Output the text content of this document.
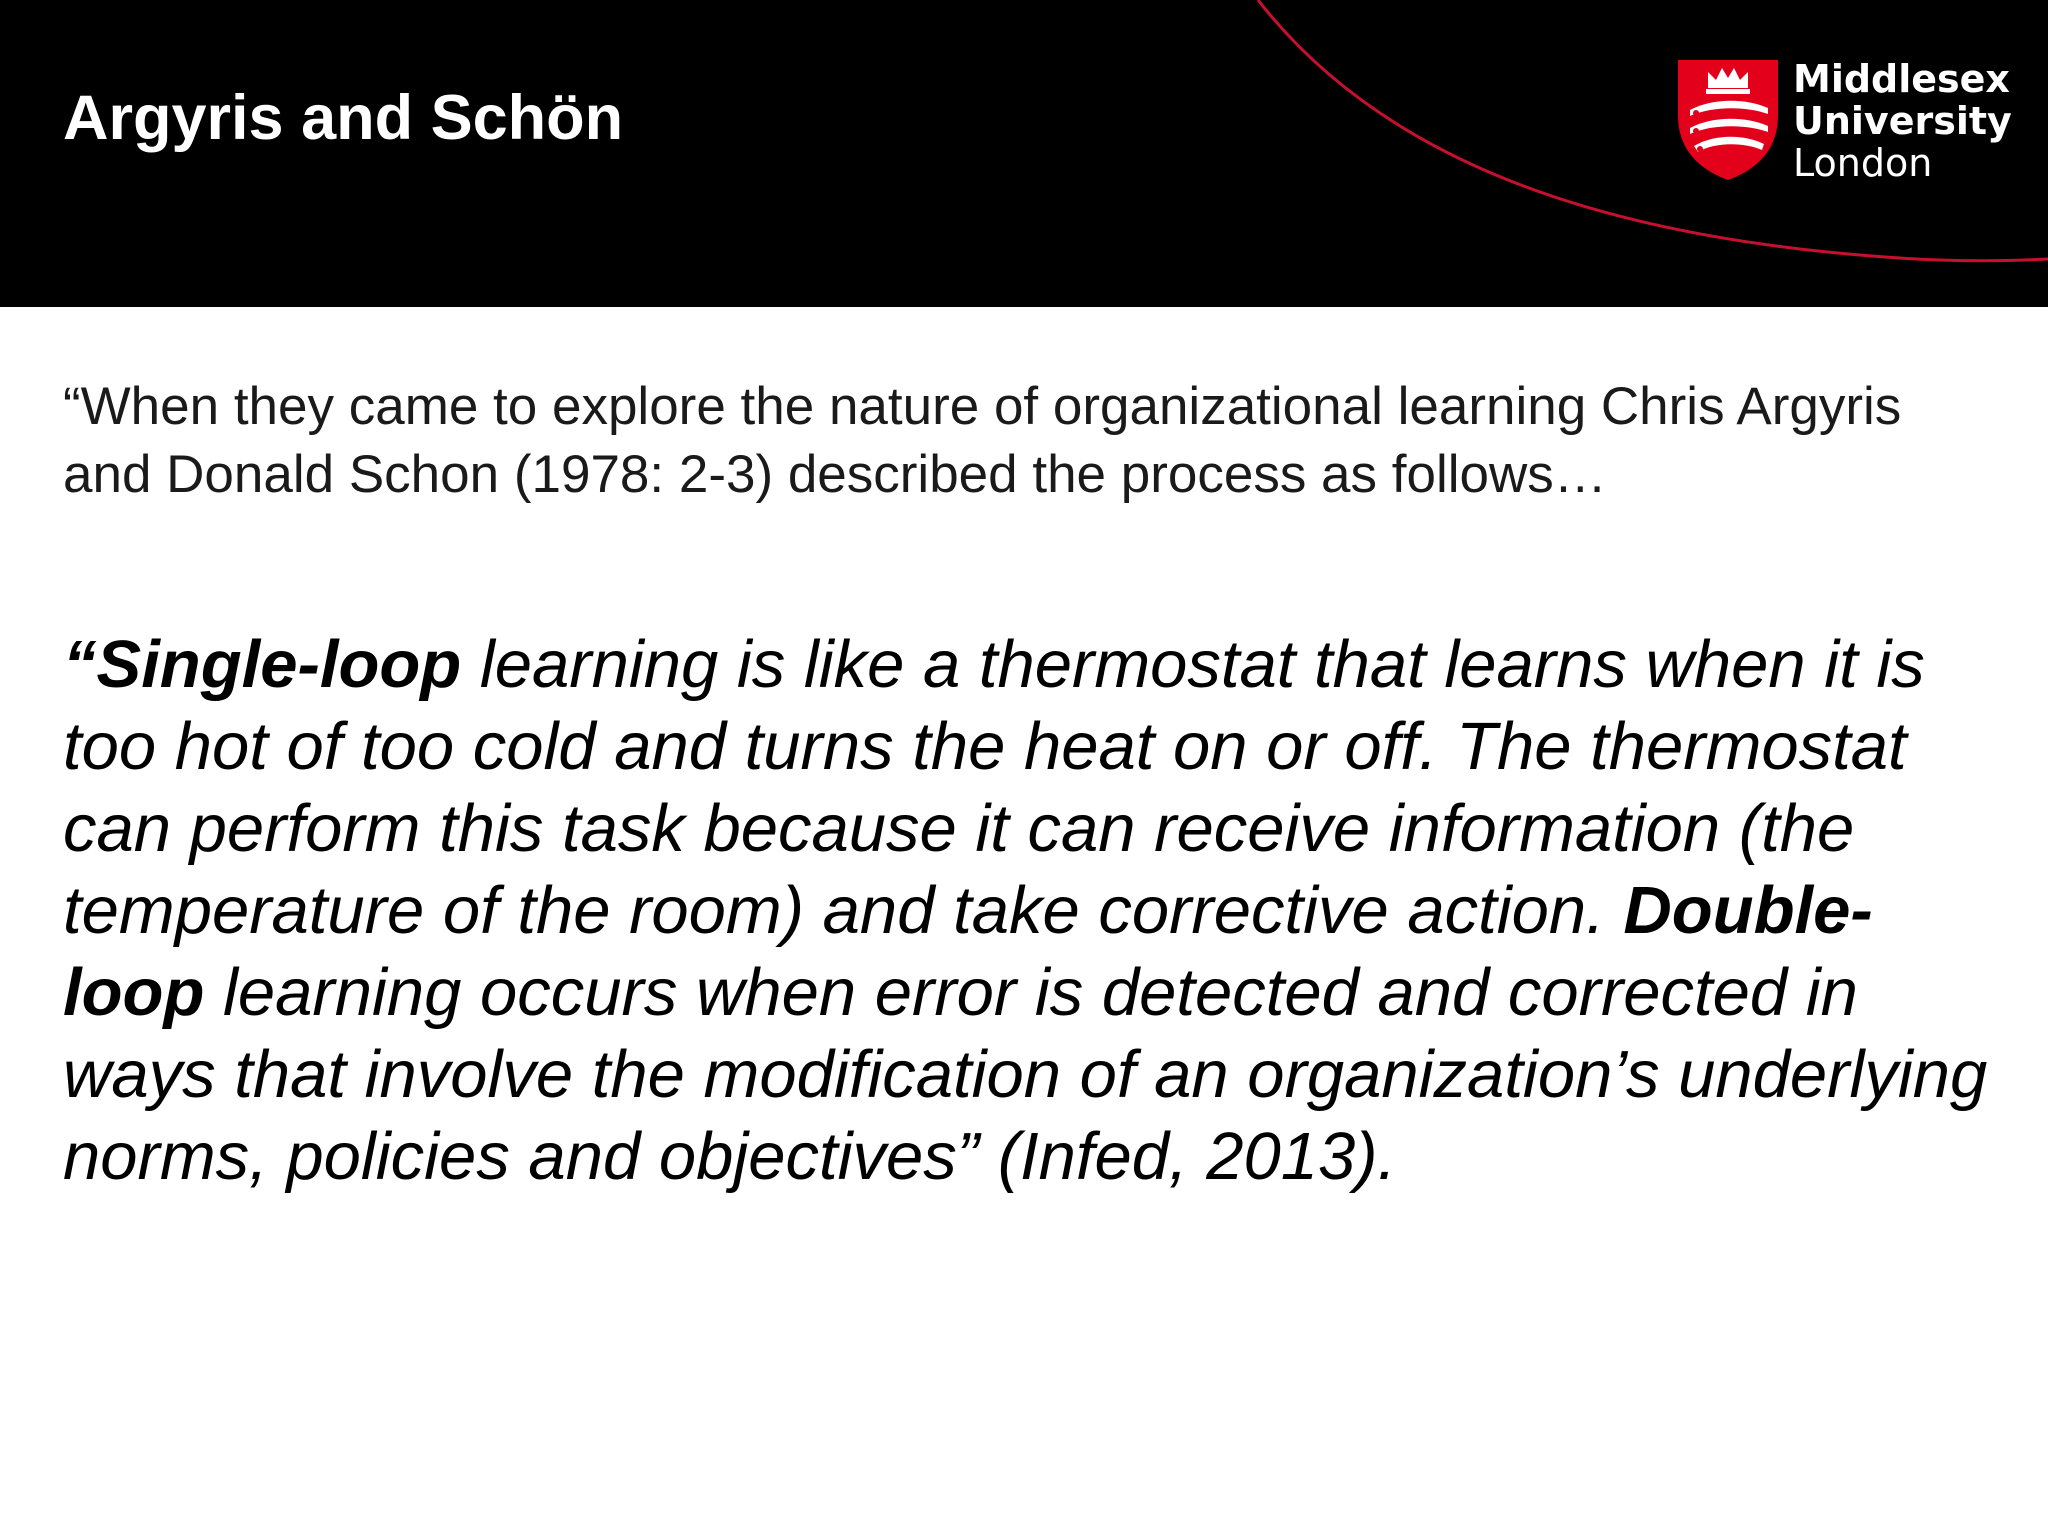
Argyris and Schön
Middlesex
University
London

“When they came to explore the nature of organizational learning Chris Argyris and Donald Schon (1978: 2-3) described the process as follows…

“Single-loop learning is like a thermostat that learns when it is too hot of too cold and turns the heat on or off. The thermostat can perform this task because it can receive information (the temperature of the room) and take corrective action. Double-loop learning occurs when error is detected and corrected in ways that involve the modification of an organization’s underlying norms, policies and objectives” (Infed, 2013).
